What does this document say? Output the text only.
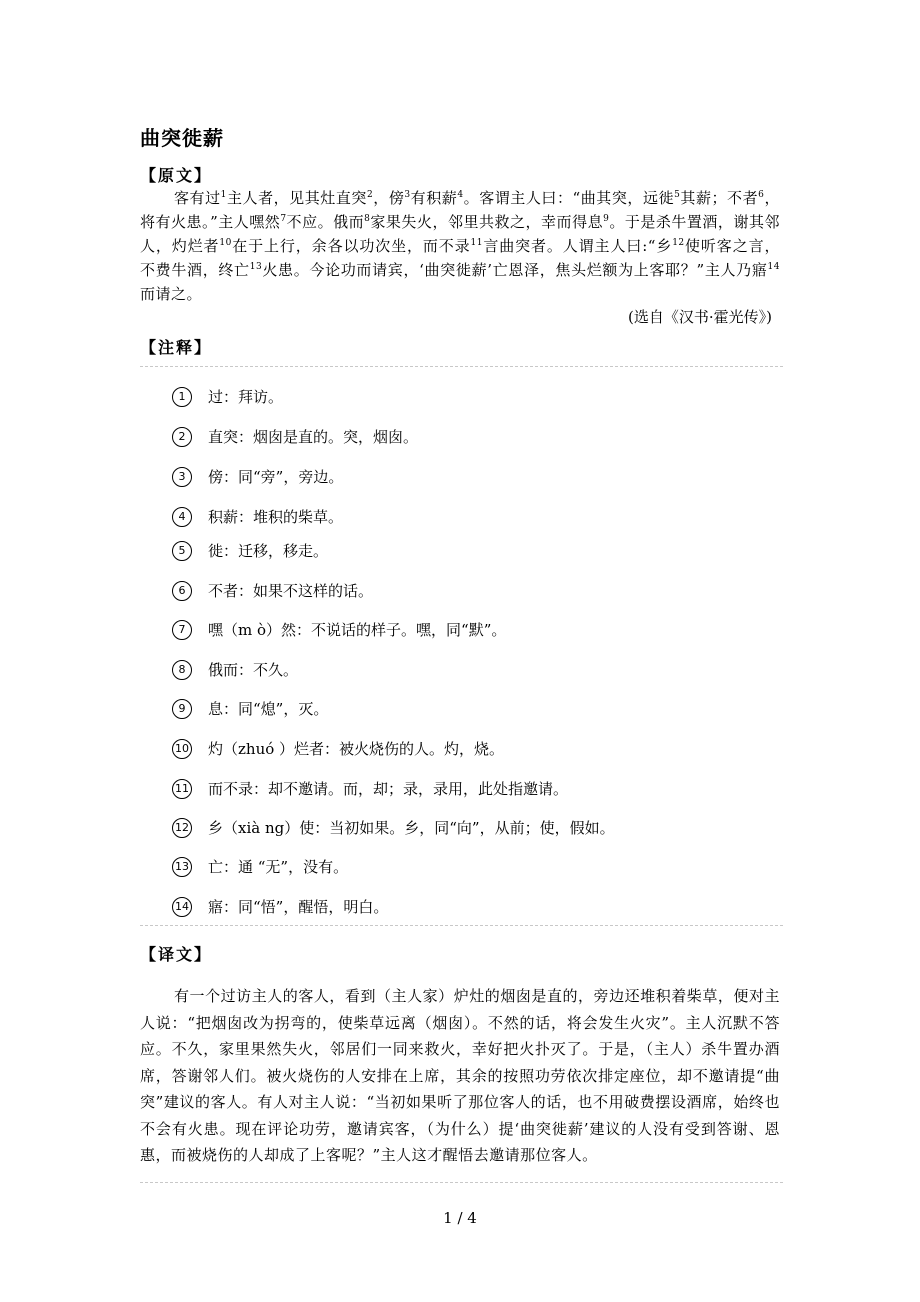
曲突徙薪
【原文】
客有过$^1$主人者，见其灶直突$^2$，傍$^3$有积薪$^4$。客谓主人曰：“曲其突，远徙$^5$其薪；不者$^6$，将有火患。”主人嘿然$^7$不应。俄而$^8$家果失火，邻里共救之，幸而得息$^9$。于是杀牛置酒，谢其邻人，灼烂者$^{10}$在于上行，余各以功次坐，而不录$^{11}$言曲突者。人谓主人曰:“乡$^{12}$使听客之言，不费牛酒，终亡$^{13}$火患。今论功而请宾，‘曲突徙薪’亡恩泽，焦头烂额为上客耶？”主人乃寤$^{14}$而请之。
(选自《汉书·霍光传》)
【注释】
1 过：拜访。
2 直突：烟囱是直的。突，烟囱。
3 傍：同“旁”，旁边。
4 积薪：堆积的柴草。
5 徙：迁移，移走。
6 不者：如果不这样的话。
7 嘿（m ò）然：不说话的样子。嘿，同“默”。
8 俄而：不久。
9 息：同“熄”，灭。
10 灼（zhuó ）烂者：被火烧伤的人。灼，烧。
11 而不录：却不邀请。而，却；录，录用，此处指邀请。
12 乡（xià ng）使：当初如果。乡，同“向”，从前；使，假如。
13 亡：通 “无”，没有。
14 寤：同“悟”，醒悟，明白。
【译文】
有一个过访主人的客人，看到（主人家）炉灶的烟囱是直的，旁边还堆积着柴草，便对主人说：“把烟囱改为拐弯的，使柴草远离（烟囱）。不然的话，将会发生火灾”。主人沉默不答应。不久，家里果然失火，邻居们一同来救火，幸好把火扑灭了。于是，（主人）杀牛置办酒席，答谢邻人们。被火烧伤的人安排在上席，其余的按照功劳依次排定座位，却不邀请提“曲突”建议的客人。有人对主人说：“当初如果听了那位客人的话，也不用破费摆设酒席，始终也不会有火患。现在评论功劳，邀请宾客，（为什么）提‘曲突徙薪’建议的人没有受到答谢、恩惠，而被烧伤的人却成了上客呢？”主人这才醒悟去邀请那位客人。
1 / 4
